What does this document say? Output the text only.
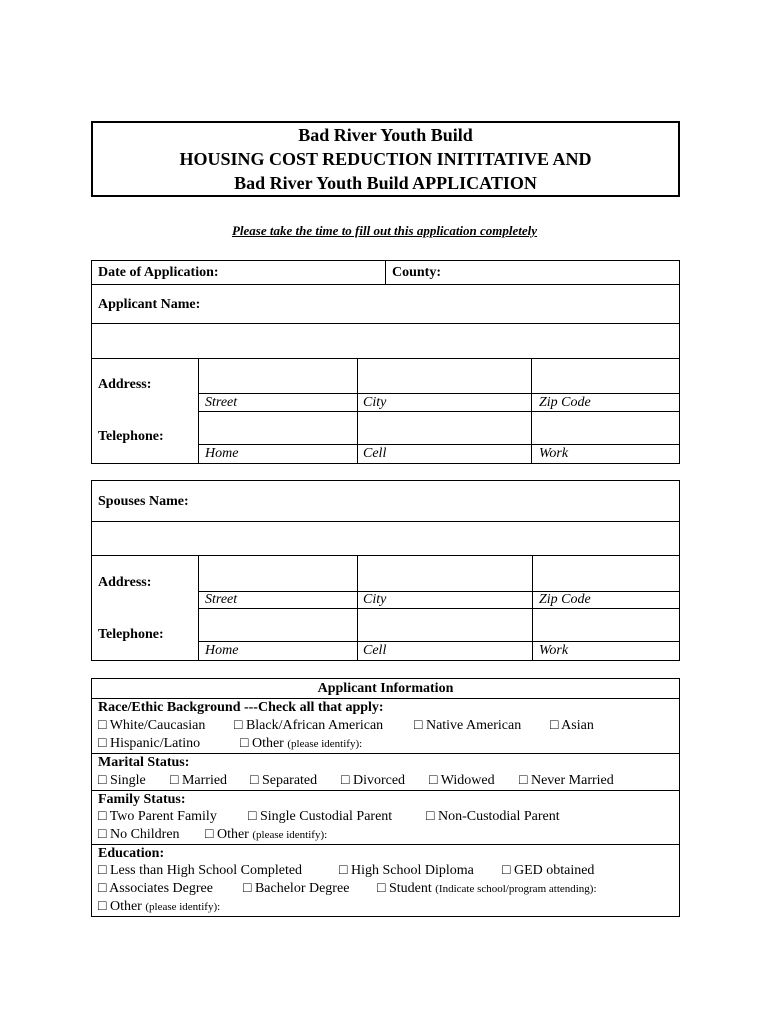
Bad River Youth Build
HOUSING COST REDUCTION INITITATIVE AND
Bad River Youth Build APPLICATION
Please take the time to fill out this application completely
Date of Application:	County:
Applicant Name:
Address:
Street	City	Zip Code
Telephone:
Home	Cell	Work
Spouses Name:
Address:
Street	City	Zip Code
Telephone:
Home	Cell	Work
Applicant Information
Race/Ethic Background ---Check all that apply:
□ White/Caucasian □ Black/African American □ Native American □ Asian
□ Hispanic/Latino	□ Other (please identify):
Marital Status:
□ Single □ Married □ Separated □ Divorced □ Widowed □ Never Married
Family Status:
□ Two Parent Family □ Single Custodial Parent □ Non-Custodial Parent
□ No Children □ Other (please identify):
Education:
□ Less than High School Completed	□ High School Diploma □ GED obtained
□ Associates Degree □ Bachelor Degree □ Student (Indicate school/program attending):
□ Other (please identify):
